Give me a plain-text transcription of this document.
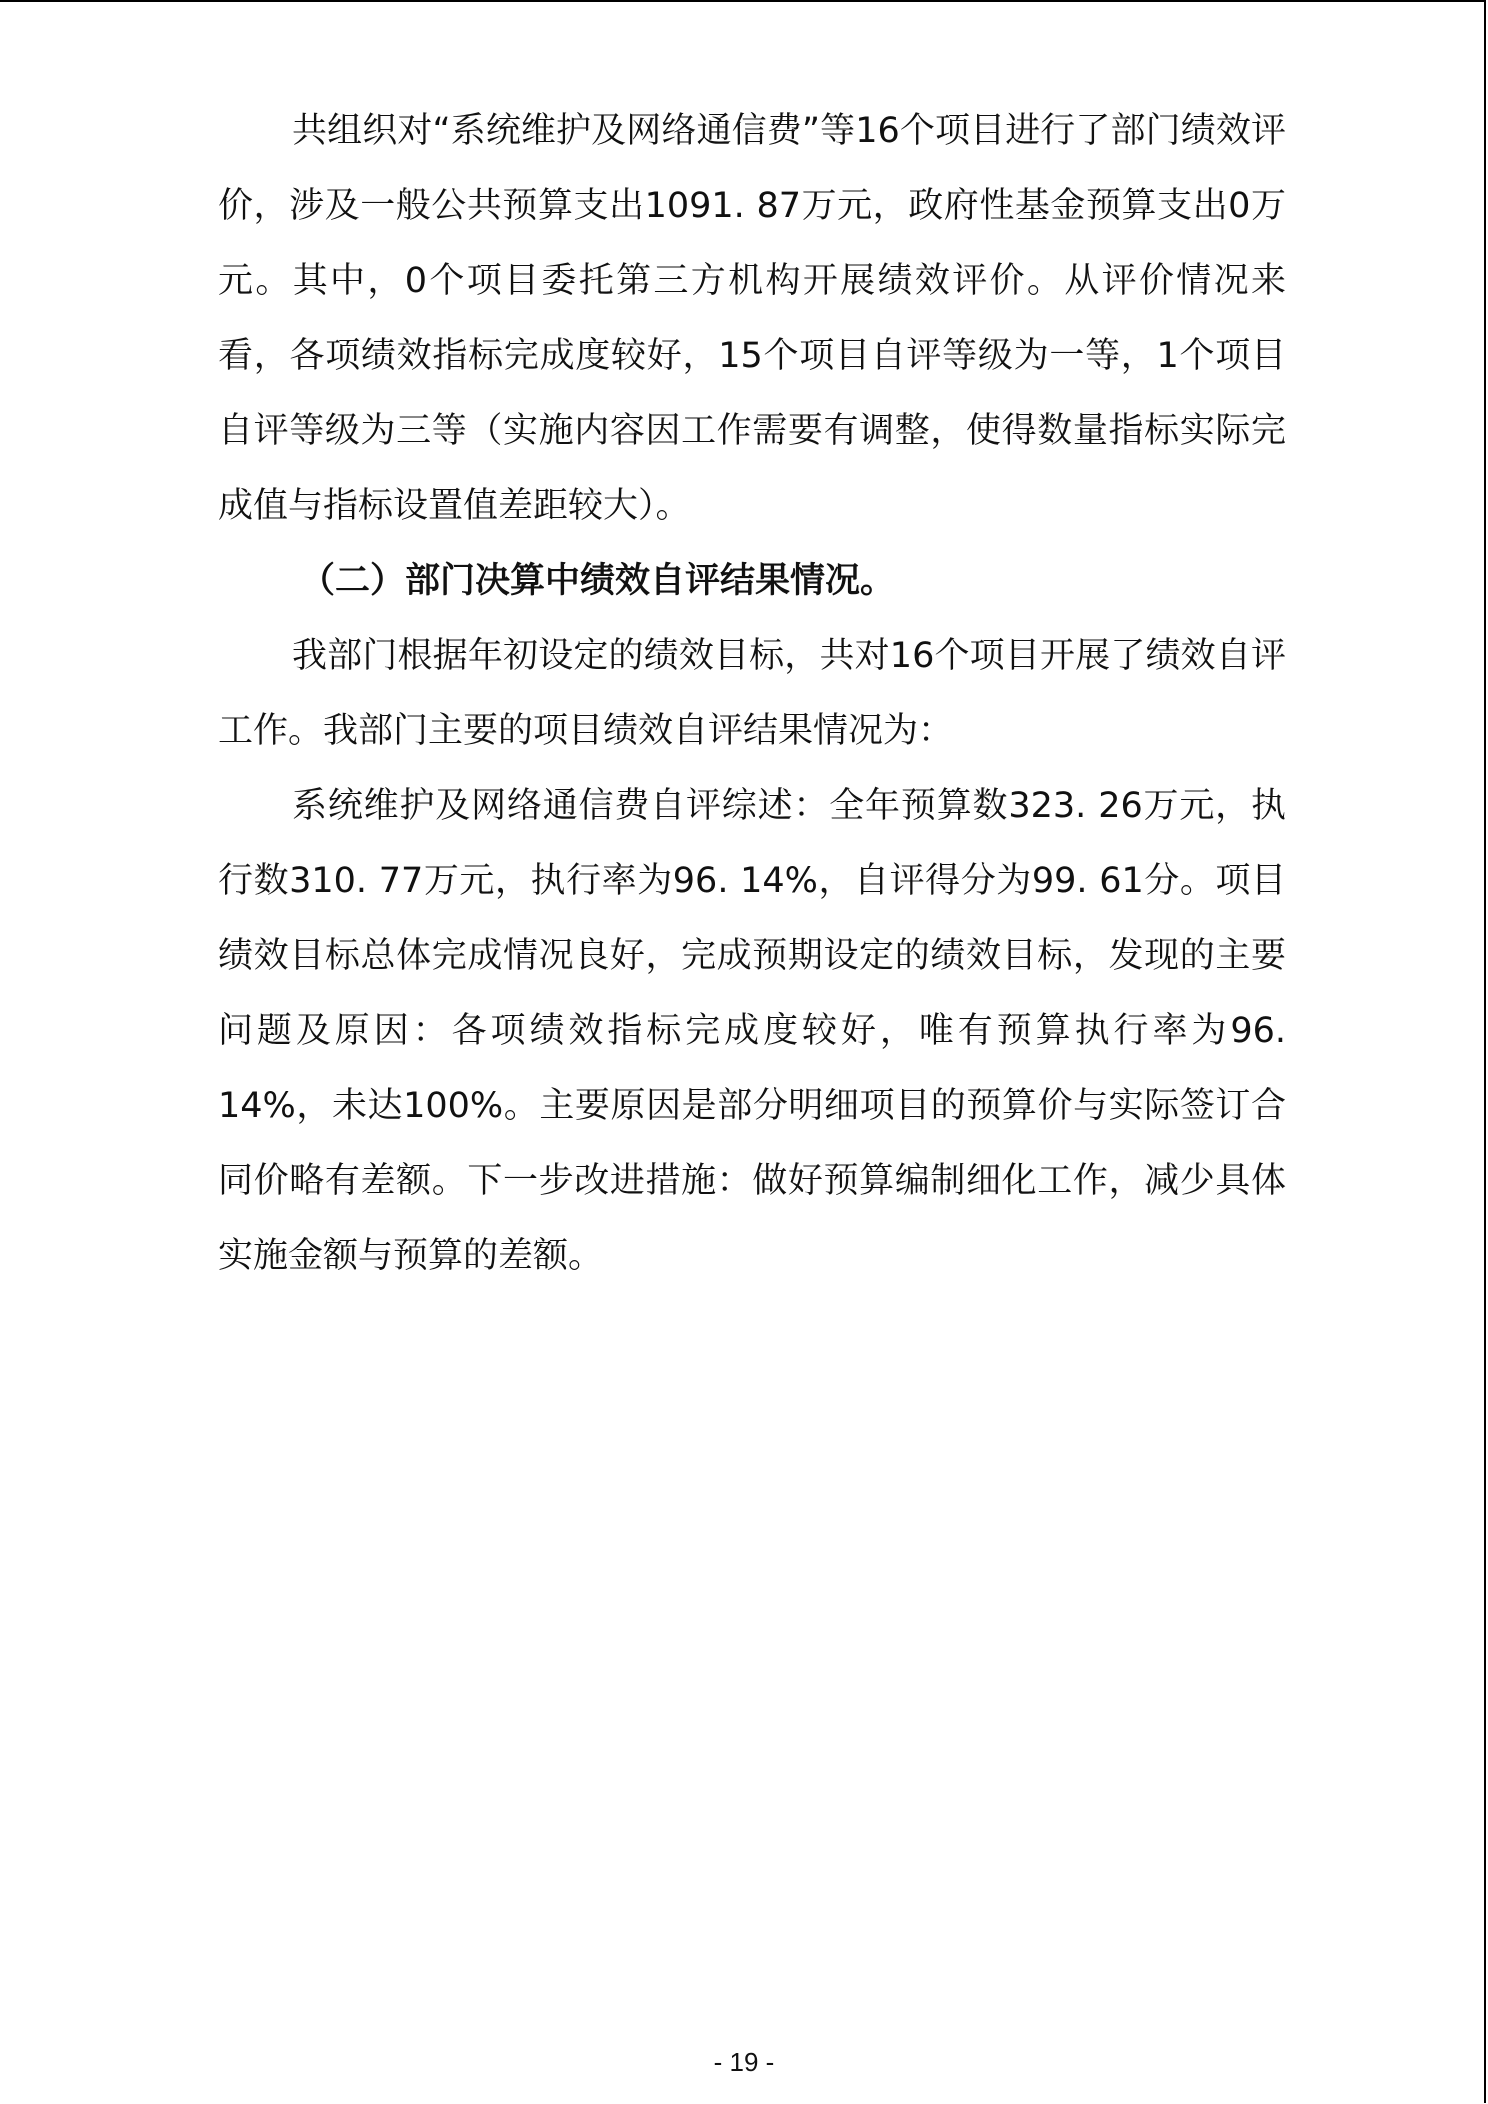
共组织对“系统维护及网络通信费”等16个项目进行了部门绩效评价，涉及一般公共预算支出1091. 87万元，政府性基金预算支出0万元。其中，0个项目委托第三方机构开展绩效评价。从评价情况来看，各项绩效指标完成度较好，15个项目自评等级为一等，1个项目自评等级为三等（实施内容因工作需要有调整，使得数量指标实际完成值与指标设置值差距较大）。

（二）部门决算中绩效自评结果情况。

我部门根据年初设定的绩效目标，共对16个项目开展了绩效自评工作。我部门主要的项目绩效自评结果情况为：

系统维护及网络通信费自评综述：全年预算数323. 26万元，执行数310. 77万元，执行率为96. 14%，自评得分为99. 61分。项目绩效目标总体完成情况良好，完成预期设定的绩效目标，发现的主要问题及原因：各项绩效指标完成度较好，唯有预算执行率为96. 14%，未达100%。主要原因是部分明细项目的预算价与实际签订合同价略有差额。下一步改进措施：做好预算编制细化工作，减少具体实施金额与预算的差额。

- 19 -
